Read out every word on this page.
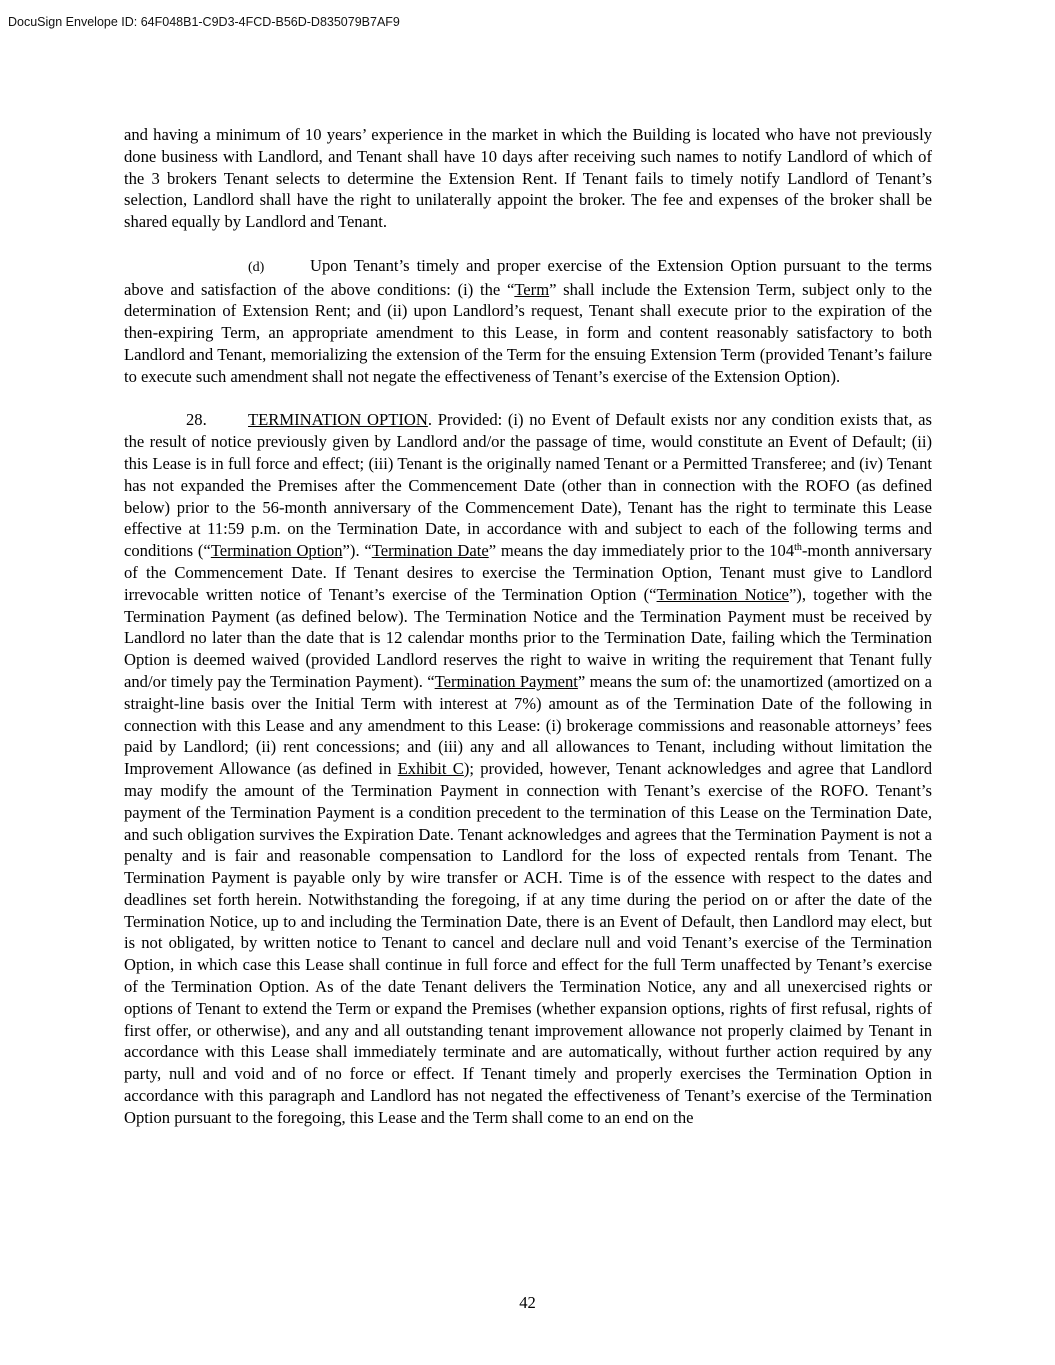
DocuSign Envelope ID: 64F048B1-C9D3-4FCD-B56D-D835079B7AF9

and having a minimum of 10 years’ experience in the market in which the Building is located who have not previously done business with Landlord, and Tenant shall have 10 days after receiving such names to notify Landlord of which of the 3 brokers Tenant selects to determine the Extension Rent. If Tenant fails to timely notify Landlord of Tenant’s selection, Landlord shall have the right to unilaterally appoint the broker. The fee and expenses of the broker shall be shared equally by Landlord and Tenant.

(d)	Upon Tenant’s timely and proper exercise of the Extension Option pursuant to the terms above and satisfaction of the above conditions: (i) the “Term” shall include the Extension Term, subject only to the determination of Extension Rent; and (ii) upon Landlord’s request, Tenant shall execute prior to the expiration of the then-expiring Term, an appropriate amendment to this Lease, in form and content reasonably satisfactory to both Landlord and Tenant, memorializing the extension of the Term for the ensuing Extension Term (provided Tenant’s failure to execute such amendment shall not negate the effectiveness of Tenant’s exercise of the Extension Option).

28. TERMINATION OPTION. Provided: (i) no Event of Default exists nor any condition exists that, as the result of notice previously given by Landlord and/or the passage of time, would constitute an Event of Default; (ii) this Lease is in full force and effect; (iii) Tenant is the originally named Tenant or a Permitted Transferee; and (iv) Tenant has not expanded the Premises after the Commencement Date (other than in connection with the ROFO (as defined below) prior to the 56-month anniversary of the Commencement Date), Tenant has the right to terminate this Lease effective at 11:59 p.m. on the Termination Date, in accordance with and subject to each of the following terms and conditions (“Termination Option”). “Termination Date” means the day immediately prior to the 104th-month anniversary of the Commencement Date. If Tenant desires to exercise the Termination Option, Tenant must give to Landlord irrevocable written notice of Tenant’s exercise of the Termination Option (“Termination Notice”), together with the Termination Payment (as defined below). The Termination Notice and the Termination Payment must be received by Landlord no later than the date that is 12 calendar months prior to the Termination Date, failing which the Termination Option is deemed waived (provided Landlord reserves the right to waive in writing the requirement that Tenant fully and/or timely pay the Termination Payment). “Termination Payment” means the sum of: the unamortized (amortized on a straight-line basis over the Initial Term with interest at 7%) amount as of the Termination Date of the following in connection with this Lease and any amendment to this Lease: (i) brokerage commissions and reasonable attorneys’ fees paid by Landlord; (ii) rent concessions; and (iii) any and all allowances to Tenant, including without limitation the Improvement Allowance (as defined in Exhibit C); provided, however, Tenant acknowledges and agree that Landlord may modify the amount of the Termination Payment in connection with Tenant’s exercise of the ROFO. Tenant’s payment of the Termination Payment is a condition precedent to the termination of this Lease on the Termination Date, and such obligation survives the Expiration Date. Tenant acknowledges and agrees that the Termination Payment is not a penalty and is fair and reasonable compensation to Landlord for the loss of expected rentals from Tenant. The Termination Payment is payable only by wire transfer or ACH. Time is of the essence with respect to the dates and deadlines set forth herein. Notwithstanding the foregoing, if at any time during the period on or after the date of the Termination Notice, up to and including the Termination Date, there is an Event of Default, then Landlord may elect, but is not obligated, by written notice to Tenant to cancel and declare null and void Tenant’s exercise of the Termination Option, in which case this Lease shall continue in full force and effect for the full Term unaffected by Tenant’s exercise of the Termination Option. As of the date Tenant delivers the Termination Notice, any and all unexercised rights or options of Tenant to extend the Term or expand the Premises (whether expansion options, rights of first refusal, rights of first offer, or otherwise), and any and all outstanding tenant improvement allowance not properly claimed by Tenant in accordance with this Lease shall immediately terminate and are automatically, without further action required by any party, null and void and of no force or effect. If Tenant timely and properly exercises the Termination Option in accordance with this paragraph and Landlord has not negated the effectiveness of Tenant’s exercise of the Termination Option pursuant to the foregoing, this Lease and the Term shall come to an end on the

42
